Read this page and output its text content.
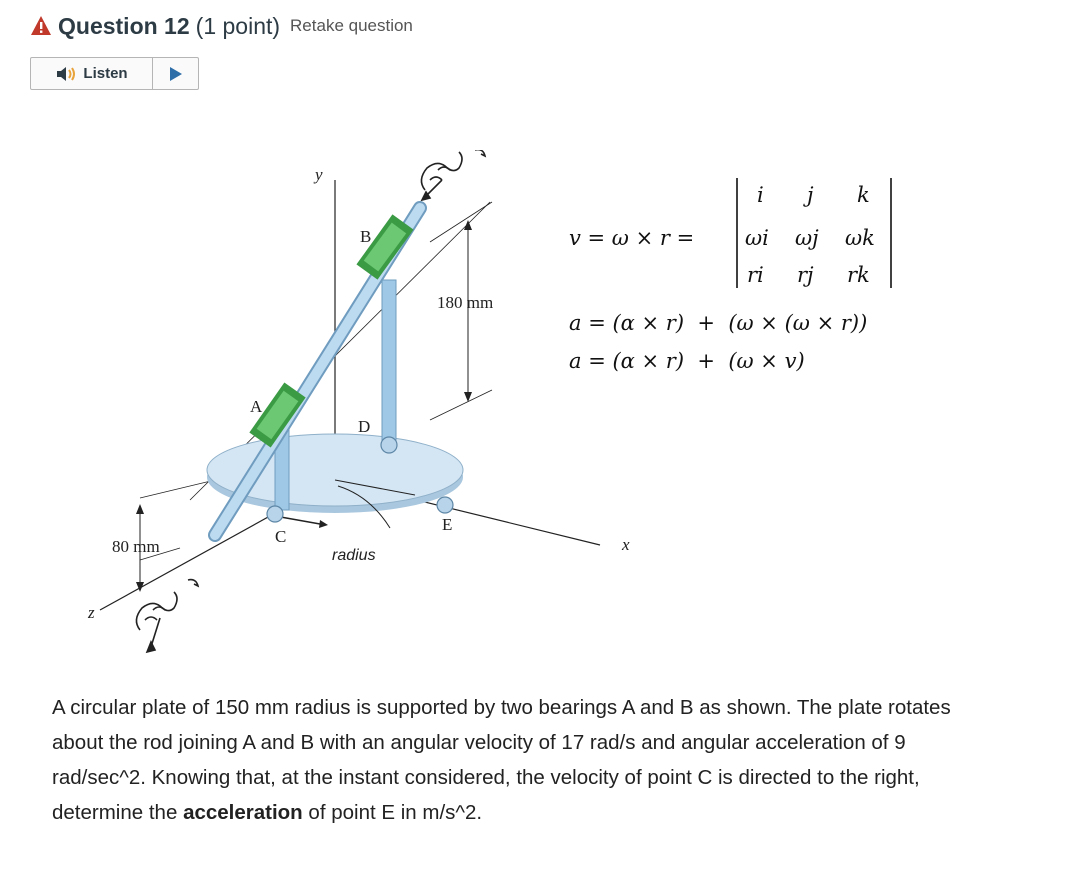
Question 12 (1 point) Retake question
Listen
y
x
z
A
B
C
D
E
180 mm
80 mm	radius
v = ω × r =
i j k
ωi ωj ωk
ri rj rk
a = (α × r)  +  (ω × (ω × r))
a = (α × r)  +  (ω × v)
A circular plate of 150 mm radius is supported by two bearings A and B as shown. The plate rotates about the rod joining A and B with an angular velocity of 17 rad/s and angular acceleration of 9 rad/sec^2. Knowing that, at the instant considered, the velocity of point C is directed to the right, determine the acceleration of point E in m/s^2.
